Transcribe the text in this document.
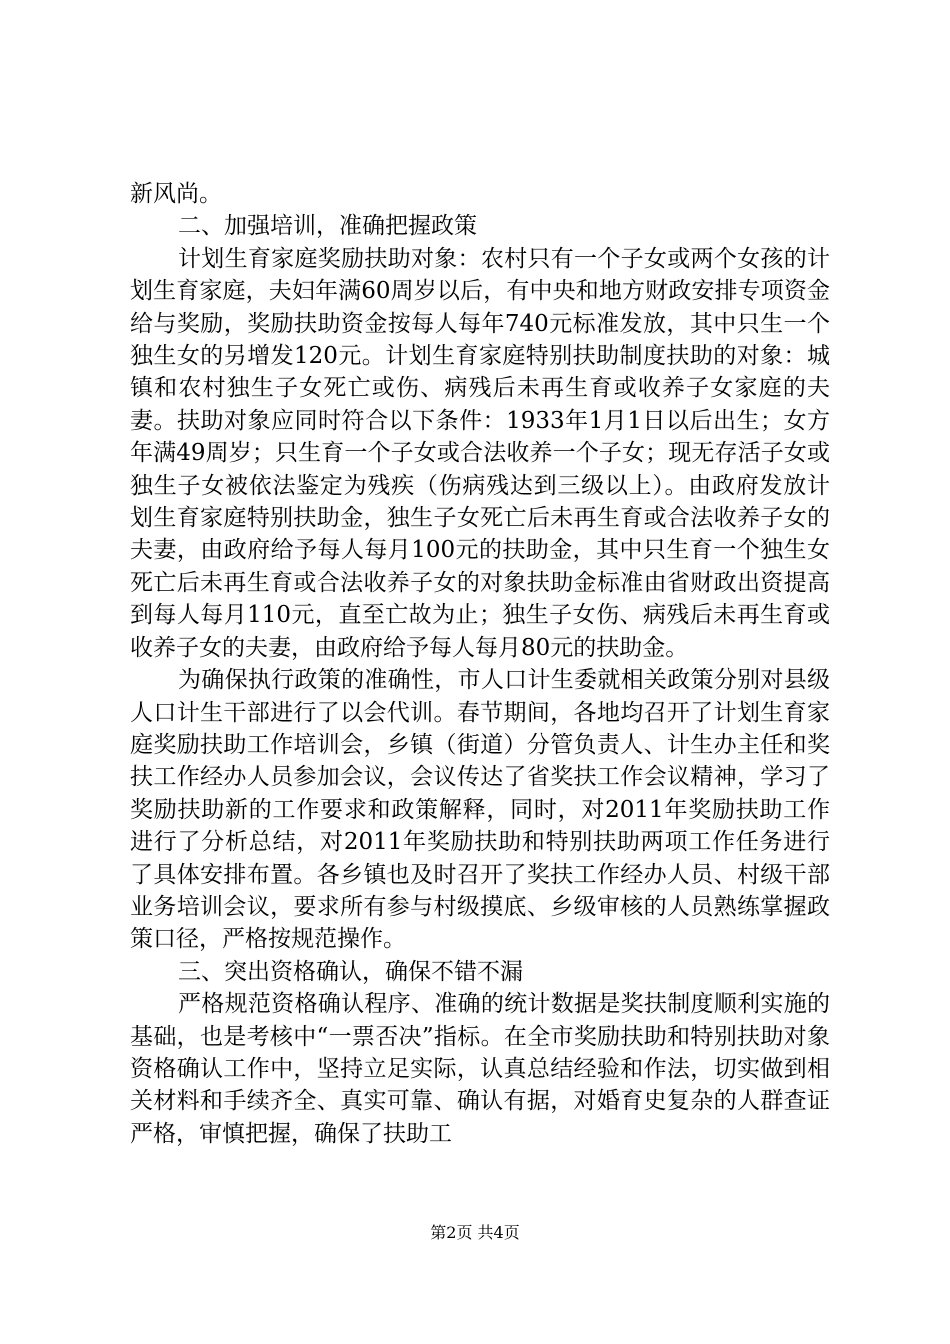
新风尚。

二、加强培训，准确把握政策

计划生育家庭奖励扶助对象：农村只有一个子女或两个女孩的计划生育家庭，夫妇年满60周岁以后，有中央和地方财政安排专项资金给与奖励，奖励扶助资金按每人每年740元标准发放，其中只生一个独生女的另增发120元。计划生育家庭特别扶助制度扶助的对象：城镇和农村独生子女死亡或伤、病残后未再生育或收养子女家庭的夫妻。扶助对象应同时符合以下条件：1933年1月1日以后出生；女方年满49周岁；只生育一个子女或合法收养一个子女；现无存活子女或独生子女被依法鉴定为残疾（伤病残达到三级以上）。由政府发放计划生育家庭特别扶助金，独生子女死亡后未再生育或合法收养子女的夫妻，由政府给予每人每月100元的扶助金，其中只生育一个独生女死亡后未再生育或合法收养子女的对象扶助金标准由省财政出资提高到每人每月110元，直至亡故为止；独生子女伤、病残后未再生育或收养子女的夫妻，由政府给予每人每月80元的扶助金。

为确保执行政策的准确性，市人口计生委就相关政策分别对县级人口计生干部进行了以会代训。春节期间，各地均召开了计划生育家庭奖励扶助工作培训会，乡镇（街道）分管负责人、计生办主任和奖扶工作经办人员参加会议，会议传达了省奖扶工作会议精神，学习了奖励扶助新的工作要求和政策解释，同时，对2011年奖励扶助工作进行了分析总结，对2011年奖励扶助和特别扶助两项工作任务进行了具体安排布置。各乡镇也及时召开了奖扶工作经办人员、村级干部业务培训会议，要求所有参与村级摸底、乡级审核的人员熟练掌握政策口径，严格按规范操作。

三、突出资格确认，确保不错不漏

严格规范资格确认程序、准确的统计数据是奖扶制度顺利实施的基础，也是考核中“一票否决”指标。在全市奖励扶助和特别扶助对象资格确认工作中，坚持立足实际，认真总结经验和作法，切实做到相关材料和手续齐全、真实可靠、确认有据，对婚育史复杂的人群查证严格，审慎把握，确保了扶助工

第2页 共4页
